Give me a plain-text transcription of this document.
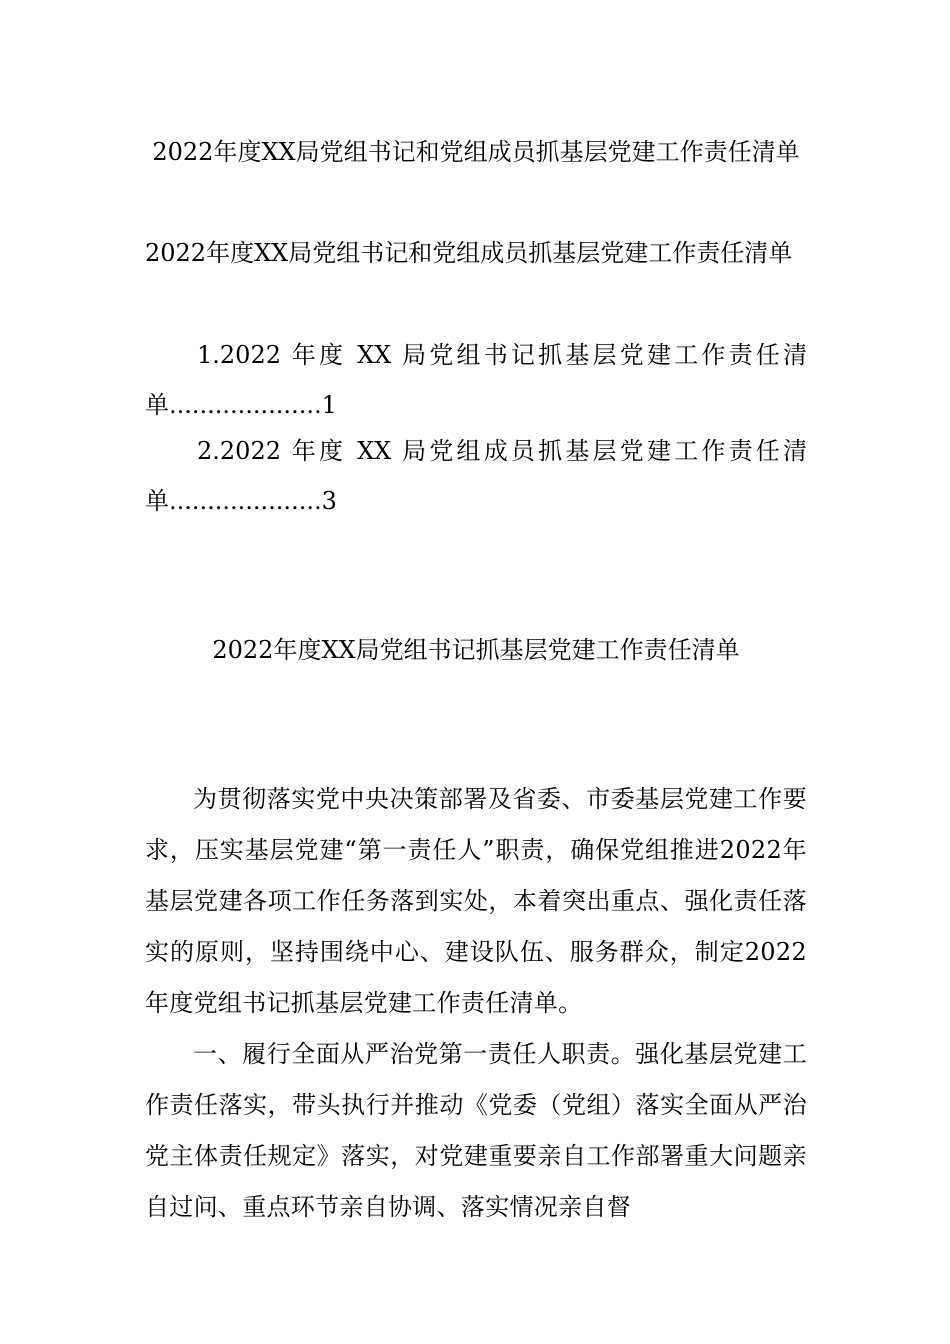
2022年度XX局党组书记和党组成员抓基层党建工作责任清单
2022年度XX局党组书记和党组成员抓基层党建工作责任清单
1.2022 年度 XX 局党组书记抓基层党建工作责任清单....................1
2.2022 年度 XX 局党组成员抓基层党建工作责任清单....................3
2022年度XX局党组书记抓基层党建工作责任清单

为贯彻落实党中央决策部署及省委、市委基层党建工作要求，压实基层党建“第一责任人”职责，确保党组推进2022年基层党建各项工作任务落到实处，本着突出重点、强化责任落实的原则，坚持围绕中心、建设队伍、服务群众，制定2022年度党组书记抓基层党建工作责任清单。

一、履行全面从严治党第一责任人职责。强化基层党建工作责任落实，带头执行并推动《党委（党组）落实全面从严治党主体责任规定》落实，对党建重要亲自工作部署重大问题亲自过问、重点环节亲自协调、落实情况亲自督
